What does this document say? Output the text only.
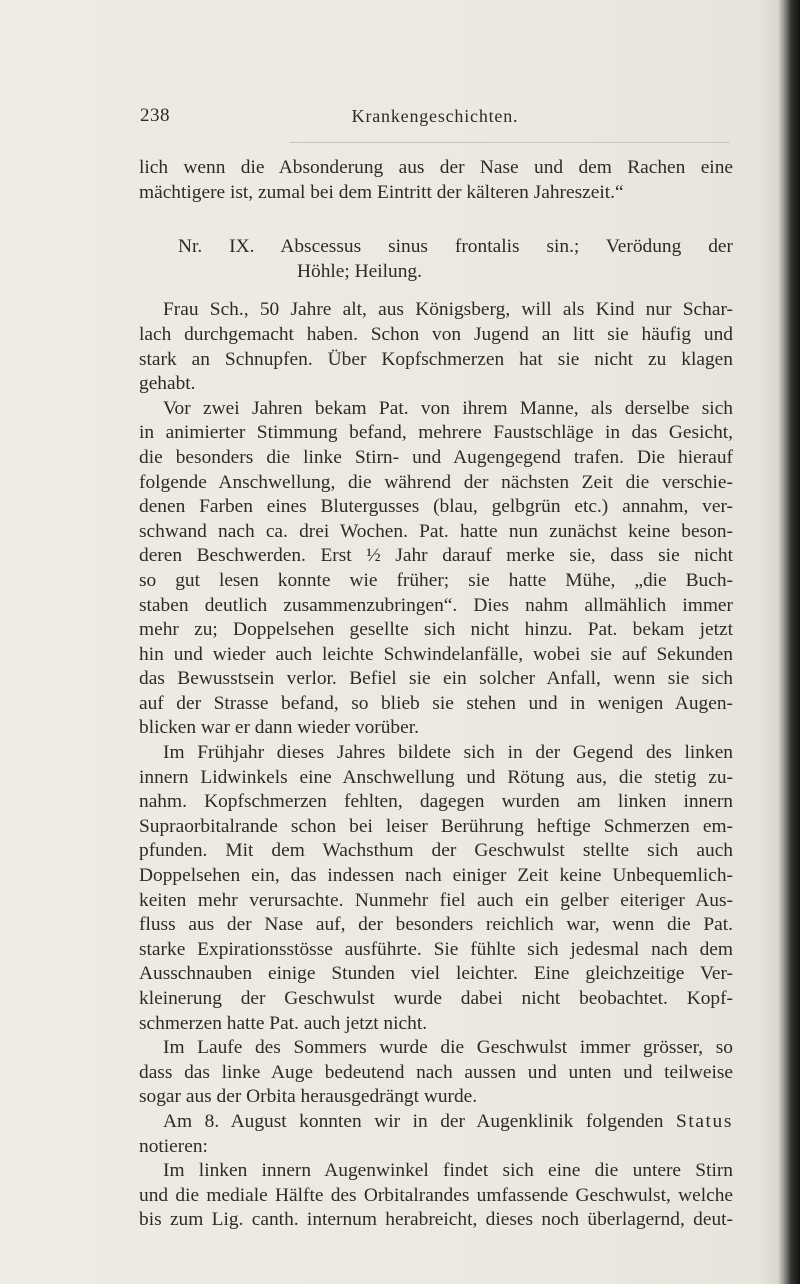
238	Krankengeschichten.
lich wenn die Absonderung aus der Nase und dem Rachen eine
mächtigere ist, zumal bei dem Eintritt der kälteren Jahreszeit.“
Nr. IX. Abscessus sinus frontalis sin.; Verödung der
Höhle; Heilung.
Frau Sch., 50 Jahre alt, aus Königsberg, will als Kind nur Schar-
lach durchgemacht haben. Schon von Jugend an litt sie häufig und
stark an Schnupfen. Über Kopfschmerzen hat sie nicht zu klagen
gehabt.
Vor zwei Jahren bekam Pat. von ihrem Manne, als derselbe sich
in animierter Stimmung befand, mehrere Faustschläge in das Gesicht,
die besonders die linke Stirn- und Augengegend trafen. Die hierauf
folgende Anschwellung, die während der nächsten Zeit die verschie-
denen Farben eines Blutergusses (blau, gelbgrün etc.) annahm, ver-
schwand nach ca. drei Wochen. Pat. hatte nun zunächst keine beson-
deren Beschwerden. Erst ½ Jahr darauf merke sie, dass sie nicht
so gut lesen konnte wie früher; sie hatte Mühe, „die Buch-
staben deutlich zusammenzubringen“. Dies nahm allmählich immer
mehr zu; Doppelsehen gesellte sich nicht hinzu. Pat. bekam jetzt
hin und wieder auch leichte Schwindelanfälle, wobei sie auf Sekunden
das Bewusstsein verlor. Befiel sie ein solcher Anfall, wenn sie sich
auf der Strasse befand, so blieb sie stehen und in wenigen Augen-
blicken war er dann wieder vorüber.
Im Frühjahr dieses Jahres bildete sich in der Gegend des linken
innern Lidwinkels eine Anschwellung und Rötung aus, die stetig zu-
nahm. Kopfschmerzen fehlten, dagegen wurden am linken innern
Supraorbitalrande schon bei leiser Berührung heftige Schmerzen em-
pfunden. Mit dem Wachsthum der Geschwulst stellte sich auch
Doppelsehen ein, das indessen nach einiger Zeit keine Unbequemlich-
keiten mehr verursachte. Nunmehr fiel auch ein gelber eiteriger Aus-
fluss aus der Nase auf, der besonders reichlich war, wenn die Pat.
starke Expirationsstösse ausführte. Sie fühlte sich jedesmal nach dem
Ausschnauben einige Stunden viel leichter. Eine gleichzeitige Ver-
kleinerung der Geschwulst wurde dabei nicht beobachtet. Kopf-
schmerzen hatte Pat. auch jetzt nicht.
Im Laufe des Sommers wurde die Geschwulst immer grösser, so
dass das linke Auge bedeutend nach aussen und unten und teilweise
sogar aus der Orbita herausgedrängt wurde.
Am 8. August konnten wir in der Augenklinik folgenden Status
notieren:
Im linken innern Augenwinkel findet sich eine die untere Stirn
und die mediale Hälfte des Orbitalrandes umfassende Geschwulst, welche
bis zum Lig. canth. internum herabreicht, dieses noch überlagernd, deut-
